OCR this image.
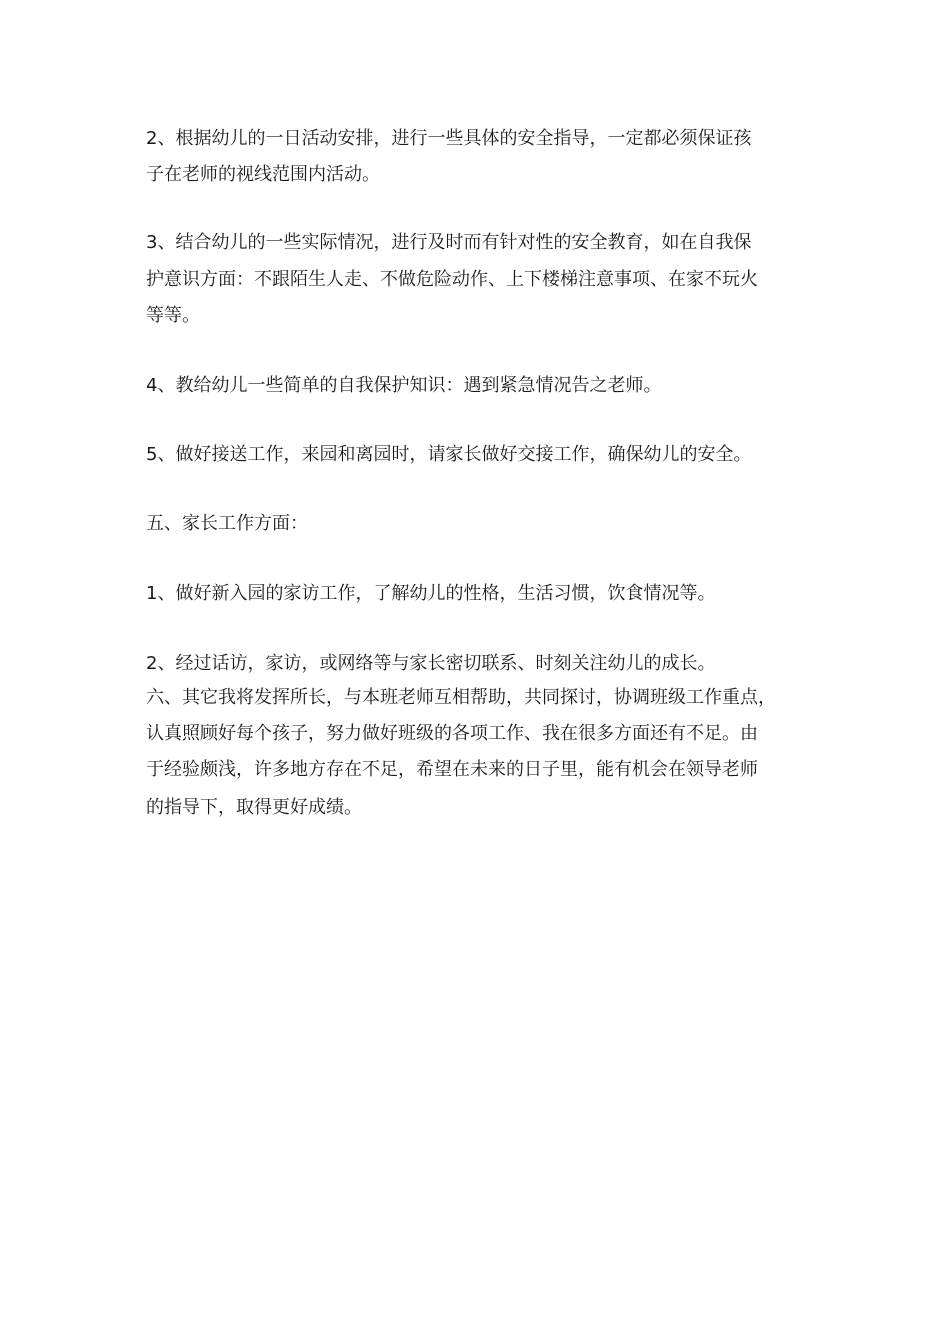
2、根据幼儿的一日活动安排，进行一些具体的安全指导，一定都必须保证孩
子在老师的视线范围内活动。
3、结合幼儿的一些实际情况，进行及时而有针对性的安全教育，如在自我保
护意识方面：不跟陌生人走、不做危险动作、上下楼梯注意事项、在家不玩火
等等。
4、教给幼儿一些简单的自我保护知识：遇到紧急情况告之老师。
5、做好接送工作，来园和离园时，请家长做好交接工作，确保幼儿的安全。
五、家长工作方面：
1、做好新入园的家访工作，了解幼儿的性格，生活习惯，饮食情况等。
2、经过话访，家访，或网络等与家长密切联系、时刻关注幼儿的成长。
六、其它我将发挥所长，与本班老师互相帮助，共同探讨，协调班级工作重点，
认真照顾好每个孩子，努力做好班级的各项工作、我在很多方面还有不足。由
于经验颇浅，许多地方存在不足，希望在未来的日子里，能有机会在领导老师
的指导下，取得更好成绩。
